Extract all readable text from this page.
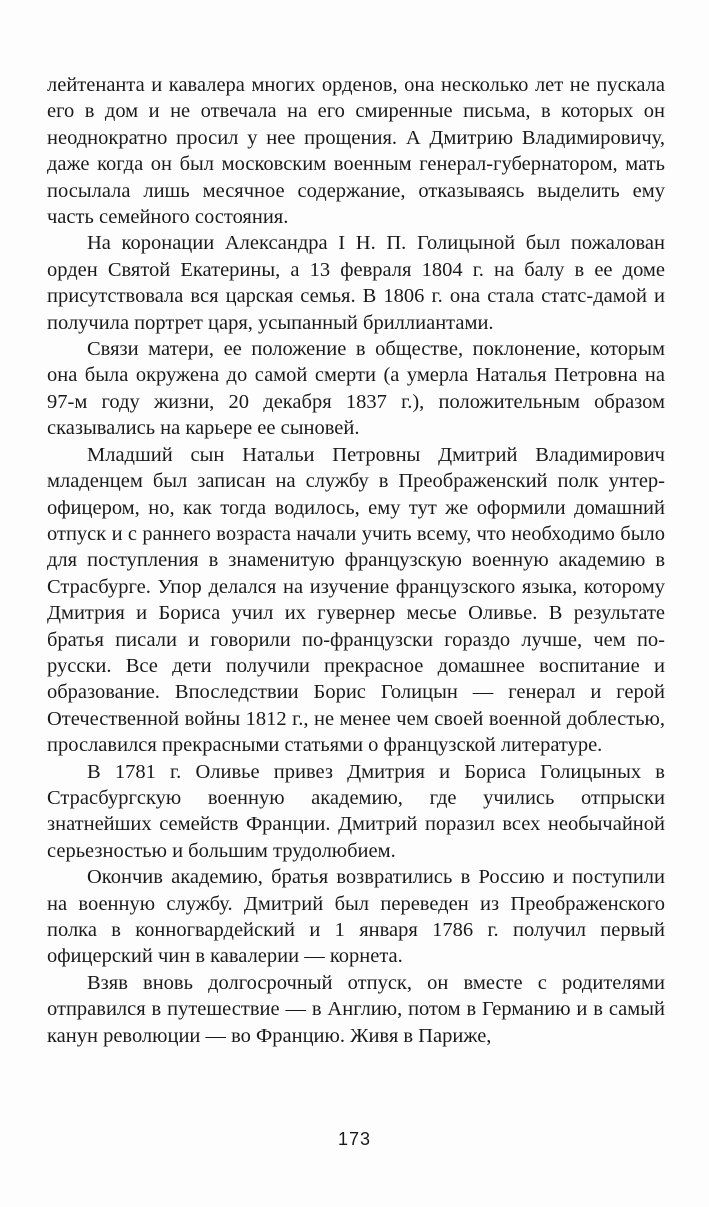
лейтенанта и кавалера многих орденов, она несколько лет не пускала его в дом и не отвечала на его смиренные письма, в которых он неоднократно просил у нее прощения. А Дмитрию Владимировичу, даже когда он был московским военным генерал-губернатором, мать посылала лишь месячное содержание, отказываясь выделить ему часть семейного состояния.

На коронации Александра I Н. П. Голицыной был пожалован орден Святой Екатерины, а 13 февраля 1804 г. на балу в ее доме присутствовала вся царская семья. В 1806 г. она стала статс-дамой и получила портрет царя, усыпанный бриллиантами.

Связи матери, ее положение в обществе, поклонение, которым она была окружена до самой смерти (а умерла Наталья Петровна на 97-м году жизни, 20 декабря 1837 г.), положительным образом сказывались на карьере ее сыновей.

Младший сын Натальи Петровны Дмитрий Владимирович младенцем был записан на службу в Преображенский полк унтер-офицером, но, как тогда водилось, ему тут же оформили домашний отпуск и с раннего возраста начали учить всему, что необходимо было для поступления в знаменитую французскую военную академию в Страсбурге. Упор делался на изучение французского языка, которому Дмитрия и Бориса учил их гувернер месье Оливье. В результате братья писали и говорили по-французски гораздо лучше, чем по-русски. Все дети получили прекрасное домашнее воспитание и образование. Впоследствии Борис Голицын — генерал и герой Отечественной войны 1812 г., не менее чем своей военной доблестью, прославился прекрасными статьями о французской литературе.

В 1781 г. Оливье привез Дмитрия и Бориса Голицыных в Страсбургскую военную академию, где учились отпрыски знатнейших семейств Франции. Дмитрий поразил всех необычайной серьезностью и большим трудолюбием.

Окончив академию, братья возвратились в Россию и поступили на военную службу. Дмитрий был переведен из Преображенского полка в конногвардейский и 1 января 1786 г. получил первый офицерский чин в кавалерии — корнета.

Взяв вновь долгосрочный отпуск, он вместе с родителями отправился в путешествие — в Англию, потом в Германию и в самый канун революции — во Францию. Живя в Париже,

173
